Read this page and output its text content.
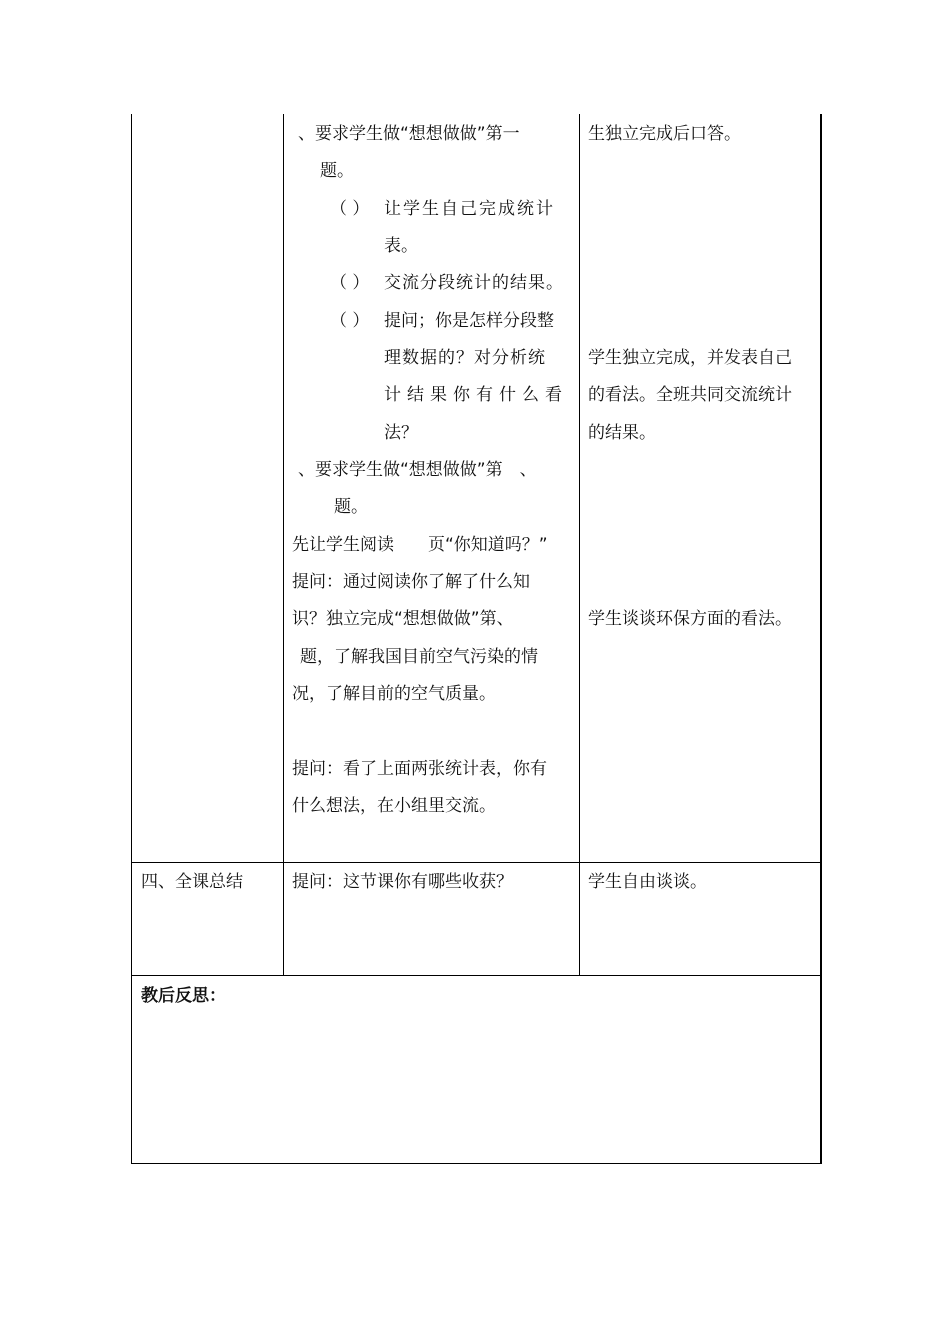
、要求学生做“想想做做”第一
题。
（ ） 让学生自己完成统计
表。
（ ） 交流分段统计的结果。
（ ） 提问；你是怎样分段整
理数据的？对分析统
计结果你有什么看
法？
、要求学生做“想想做做”第　、
题。
先让学生阅读　　页“你知道吗？”
提问：通过阅读你了解了什么知
识？独立完成“想想做做”第、
题，了解我国目前空气污染的情
况，了解目前的空气质量。
提问：看了上面两张统计表，你有
什么想法，在小组里交流。
生独立完成后口答。
学生独立完成，并发表自己
的看法。全班共同交流统计
的结果。
学生谈谈环保方面的看法。
四、全课总结	提问：这节课你有哪些收获？	学生自由谈谈。
教后反思：
